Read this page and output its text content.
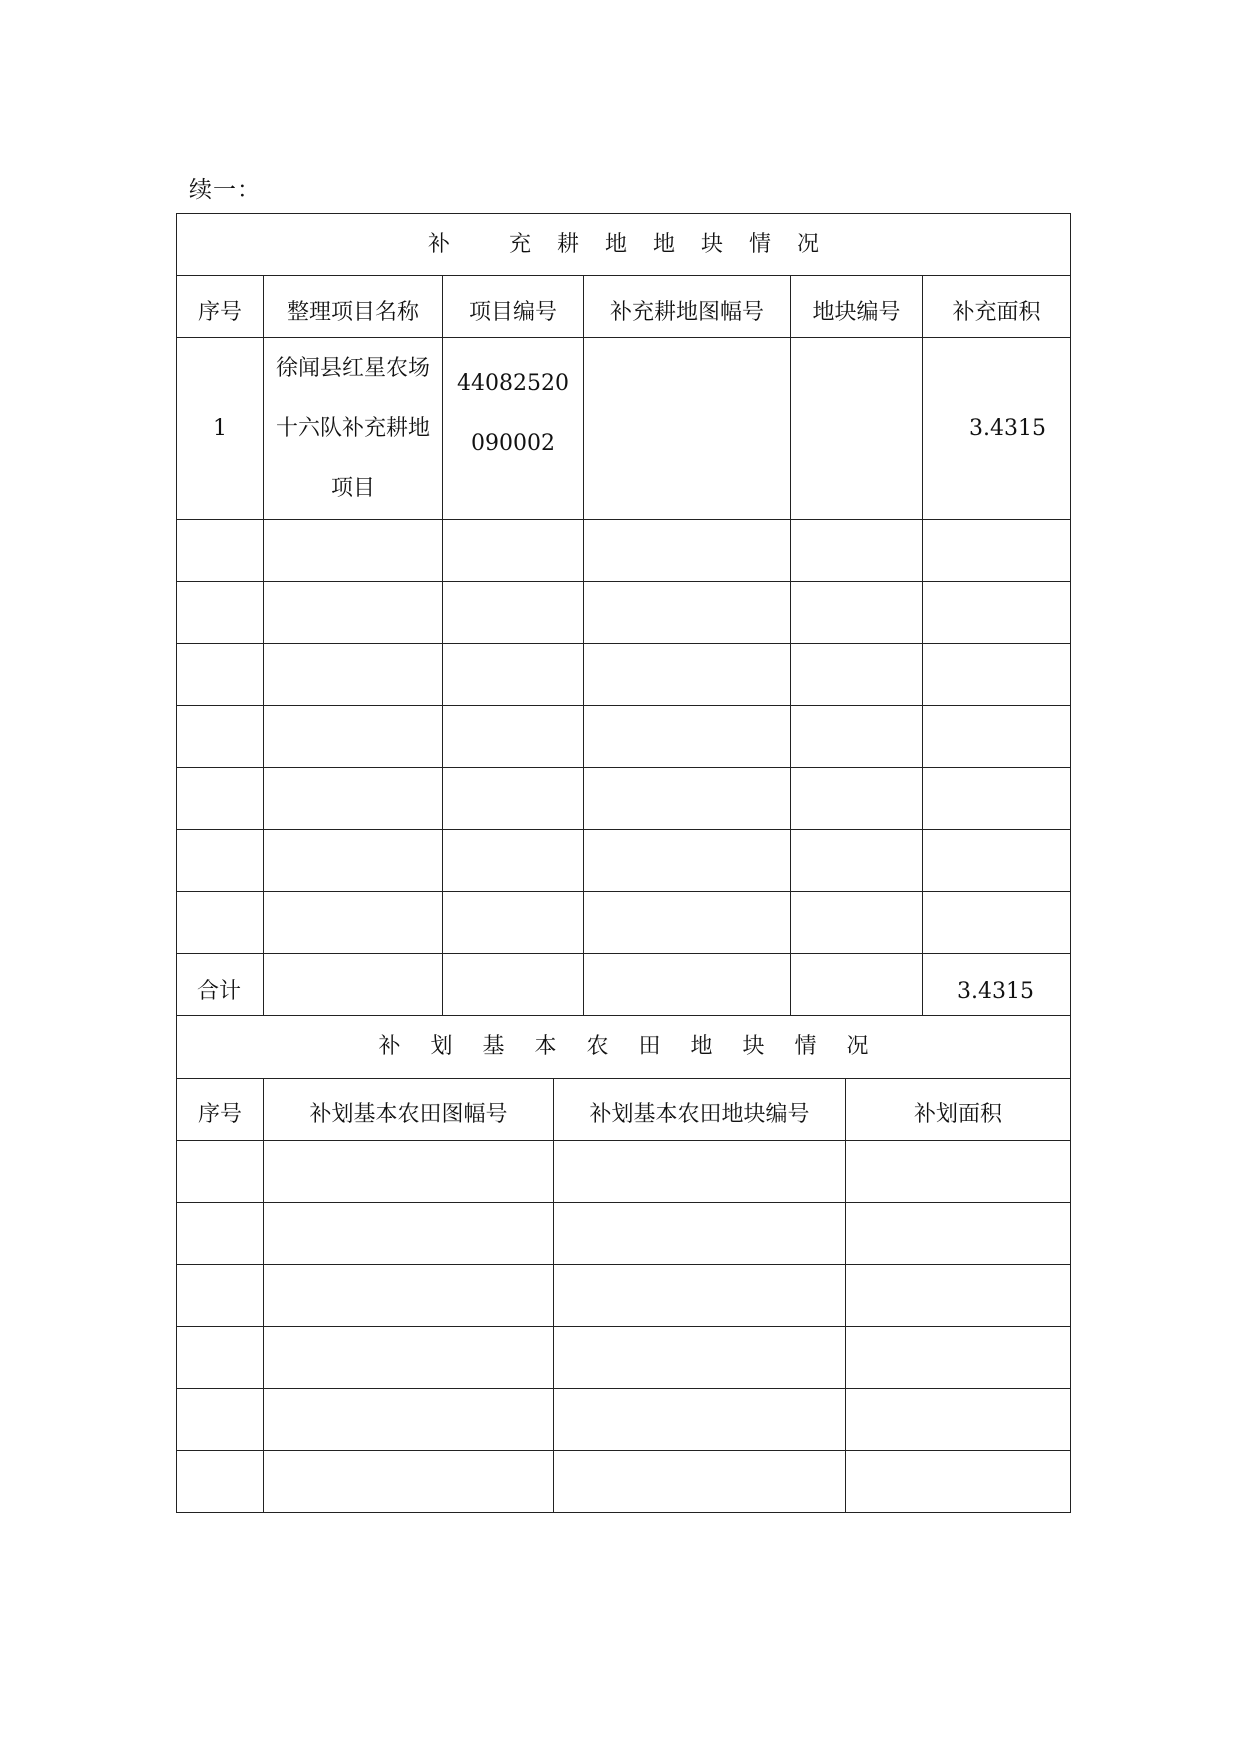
续一：
补 充耕地地块情况					
序号	整理项目名称	项目编号	补充耕地图幅号	地块编号	补充面积
1	徐闻县红星农场十六队补充耕地项目	44082520090002			3.4315

合计					3.4315
补划基本农田地块情况			
序号	补划基本农田图幅号	补划基本农田地块编号	补划面积
